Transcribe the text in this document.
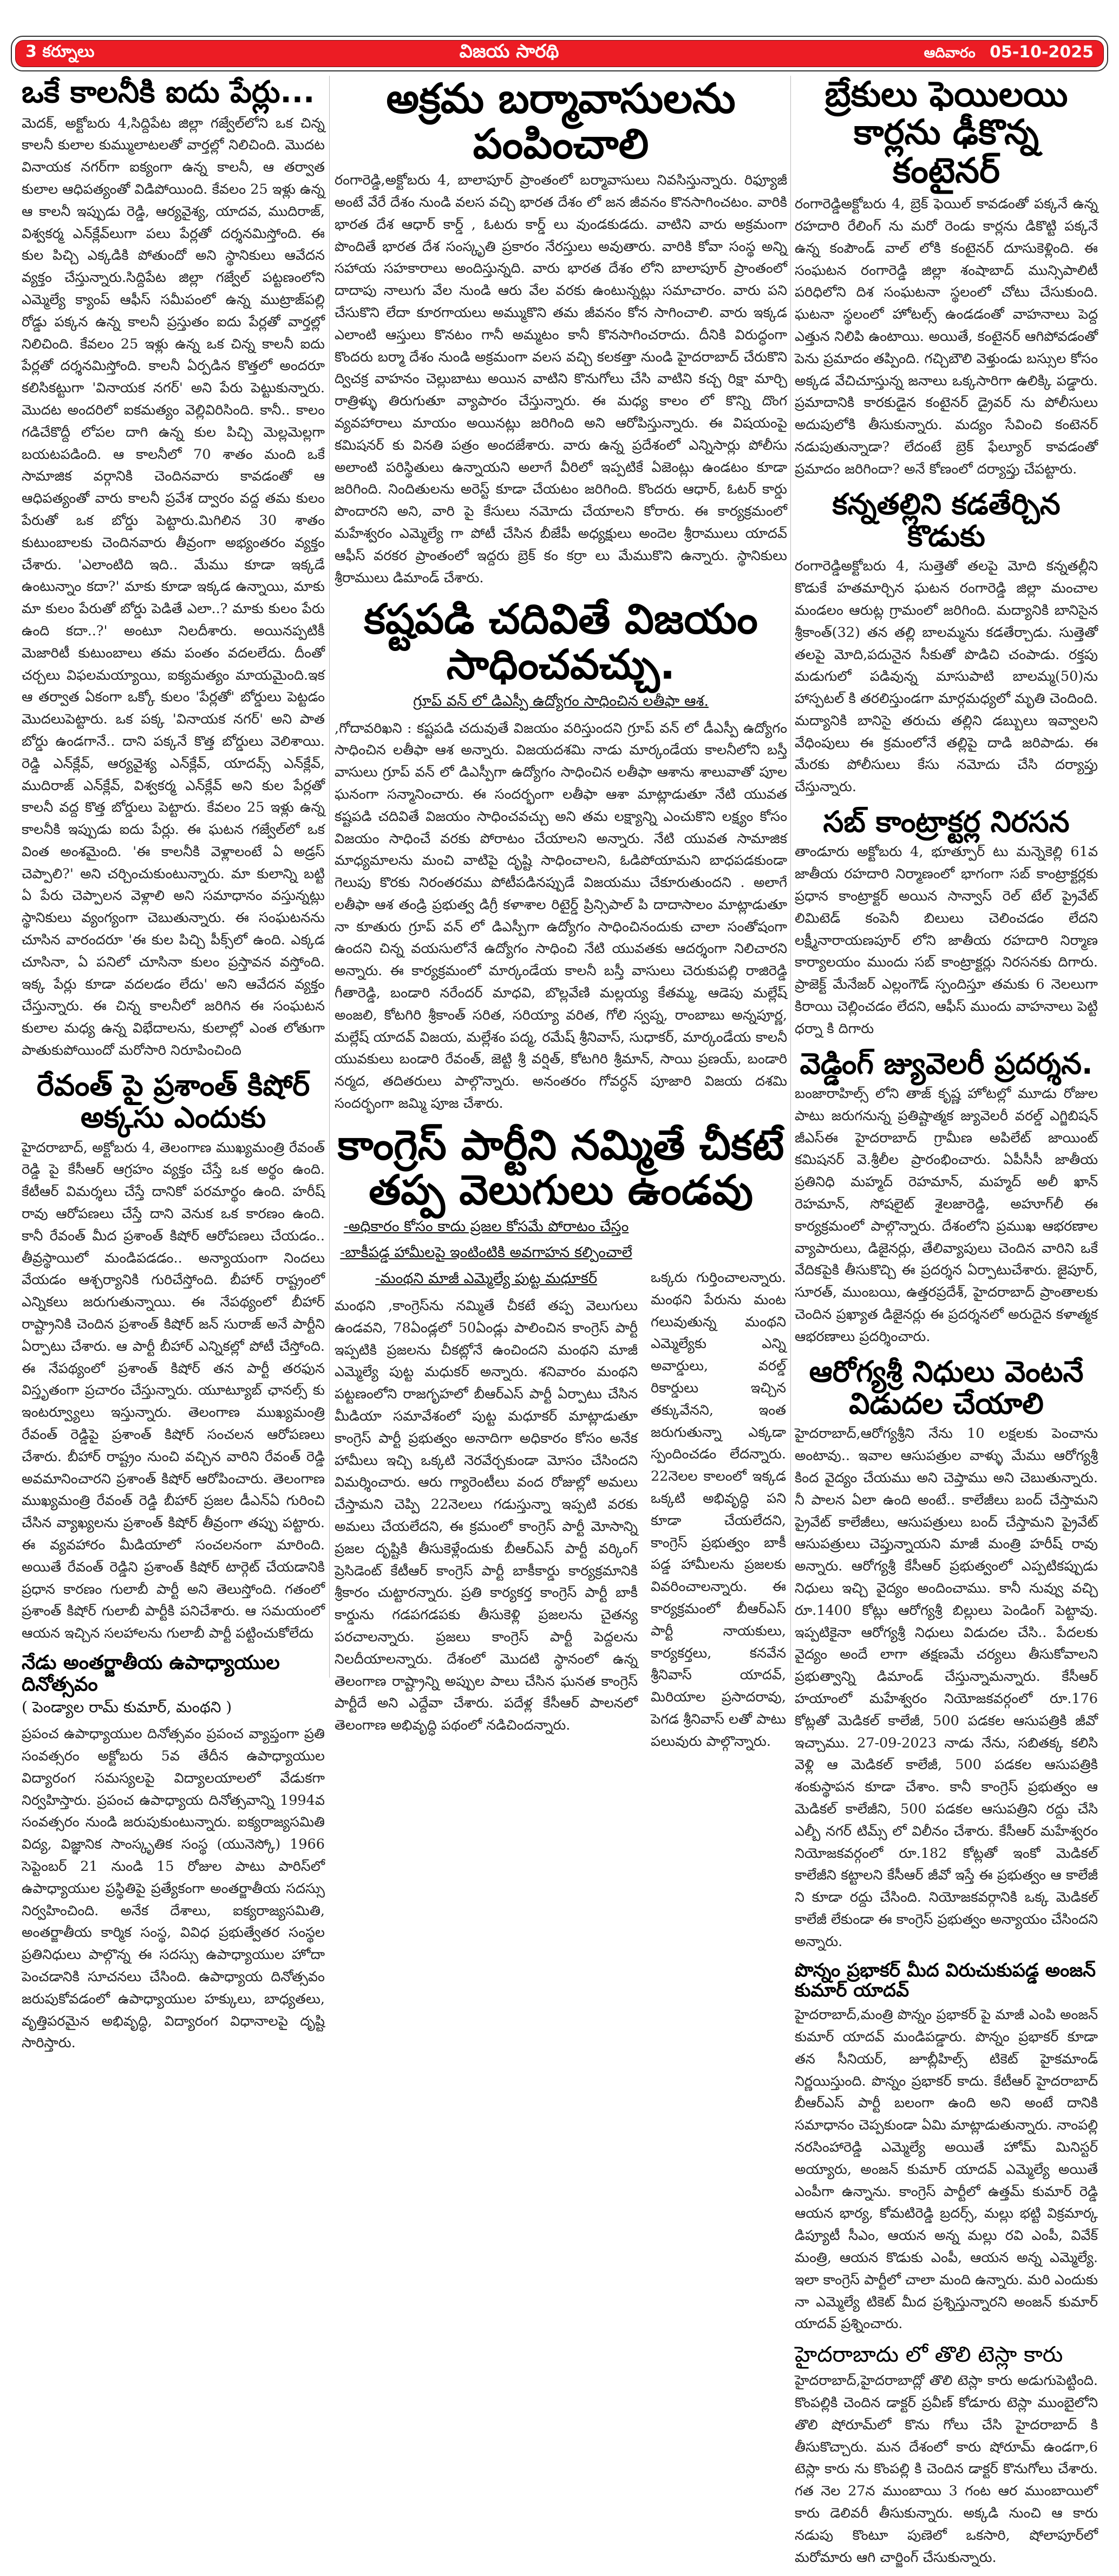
3 కర్నూలు	విజయ సారథి	ఆదివారం 05-10-2025
ఒకే కాలనీకి ఐదు పేర్లు...

మెదక్, అక్టోబరు 4,సిద్దిపేట జిల్లా గజ్వేల్‌లోని ఒక చిన్న కాలనీ కులాల కుమ్ములాటలతో వార్తల్లో నిలిచింది. మొదట వినాయక నగర్‌గా ఐక్యంగా ఉన్న కాలనీ, ఆ తర్వాత కులాల ఆధిపత్యంతో విడిపోయింది. కేవలం 25 ఇళ్లు ఉన్న ఆ కాలనీ ఇప్పుడు రెడ్డి, ఆర్యవైశ్య, యాదవ, ముదిరాజ్, విశ్వకర్మ ఎన్‌క్లేవ్‌లుగా పలు పేర్లతో దర్శనమిస్తోంది. ఈ కుల పిచ్చి ఎక్కడికి పోతుందో అని స్థానికులు ఆవేదన వ్యక్తం చేస్తున్నారు.సిద్దిపేట జిల్లా గజ్వేల్ పట్టణంలోని ఎమ్మెల్యే క్యాంప్ ఆఫీస్ సమీపంలో ఉన్న ముట్రాజ్‌పల్లి రోడ్డు పక్కన ఉన్న కాలనీ ప్రస్తుతం ఐదు పేర్లతో వార్తల్లో నిలిచింది. కేవలం 25 ఇళ్లు ఉన్న ఒక చిన్న కాలనీ ఐదు పేర్లతో దర్శనమిస్తోంది. కాలనీ ఏర్పడిన కొత్తలో అందరూ కలిసికట్టుగా 'వినాయక నగర్' అని పేరు పెట్టుకున్నారు. మొదట అందరిలో ఐకమత్యం వెల్లివిరిసింది. కానీ.. కాలం గడిచేకొద్దీ లోపల దాగి ఉన్న కుల పిచ్చి మెల్లమెల్లగా బయటపడింది. ఆ కాలనీలో 70 శాతం మంది ఒకే సామాజిక వర్గానికి చెందినవారు కావడంతో ఆ ఆధిపత్యంతో వారు కాలనీ ప్రవేశ ద్వారం వద్ద తమ కులం పేరుతో ఒక బోర్డు పెట్టారు.మిగిలిన 30 శాతం కుటుంబాలకు చెందినవారు తీవ్రంగా అభ్యంతరం వ్యక్తం చేశారు. 'ఎలాంటిది ఇది.. మేము కూడా ఇక్కడే ఉంటున్నాం కదా?' మాకు కూడా ఇక్కడ ఉన్నాయి, మాకు మా కులం పేరుతో బోర్డు పెడితే ఎలా..? మాకు కులం పేరు ఉంది కదా..?' అంటూ నిలదీశారు. అయినప్పటికీ మెజారిటీ కుటుంబాలు తమ పంతం వదలలేదు. దీంతో చర్చలు విఫలమయ్యాయి, ఐక్యమత్యం మాయమైంది.ఇక ఆ తర్వాత ఏకంగా ఒక్కో కులం 'పేర్లతో' బోర్డులు పెట్టడం మొదలుపెట్టారు. ఒక పక్క 'వినాయక నగర్' అని పాత బోర్డు ఉండగానే.. దాని పక్కనే కొత్త బోర్డులు వెలిశాయి. రెడ్డి ఎన్‌క్లేవ్, ఆర్యవైశ్య ఎన్‌క్లేవ్, యాదవ్స్ ఎన్‌క్లేవ్, ముదిరాజ్ ఎన్‌క్లేవ్, విశ్వకర్మ ఎన్‌క్లేవ్ అని కుల పేర్లతో కాలనీ వద్ద కొత్త బోర్డులు పెట్టారు. కేవలం 25 ఇళ్లు ఉన్న కాలనీకి ఇప్పుడు ఐదు పేర్లు. ఈ ఘటన గజ్వేల్‌లో ఒక వింత అంశమైంది. 'ఈ కాలనీకి వెళ్లాలంటే ఏ అడ్రస్ చెప్పాలి?' అని చర్చించుకుంటున్నారు. మా కులాన్ని బట్టి ఏ పేరు చెప్పాలన వెళ్లాలి అని సమాధానం వస్తున్నట్లు స్థానికులు వ్యంగ్యంగా చెబుతున్నారు. ఈ సంఘటనను చూసిన వారందరూ 'ఈ కుల పిచ్చి పీక్స్‌లో ఉంది. ఎక్కడ చూసినా, ఏ పనిలో చూసినా కులం ప్రస్తావన వస్తోంది. ఇక్క పేర్లు కూడా వదలడం లేదు' అని ఆవేదన వ్యక్తం చేస్తున్నారు. ఈ చిన్న కాలనీలో జరిగిన ఈ సంఘటన కులాల మధ్య ఉన్న విభేదాలను, కులాల్లో ఎంత లోతుగా పాతుకుపోయిందో మరోసారి నిరూపించింది

రేవంత్ పై ప్రశాంత్ కిషోర్ అక్కసు ఎందుకు

హైదరాబాద్, అక్టోబరు 4, తెలంగాణ ముఖ్యమంత్రి రేవంత్ రెడ్డి పై కేసీఆర్ ఆగ్రహం వ్యక్తం చేస్తే ఒక అర్థం ఉంది. కేటీఆర్ విమర్శలు చేస్తే దానికో పరమార్థం ఉంది. హరీష్ రావు ఆరోపణలు చేస్తే దాని వెనుక ఒక కారణం ఉంది. కానీ రేవంత్ మీద ప్రశాంత్ కిషోర్ ఆరోపణలు చేయడం.. తీవ్రస్థాయిలో మండిపడడం.. అన్యాయంగా నిందలు వేయడం ఆశ్చర్యానికి గురిచేస్తోంది. బీహార్ రాష్ట్రంలో ఎన్నికలు జరుగుతున్నాయి. ఈ నేపథ్యంలో బీహార్ రాష్ట్రానికి చెందిన ప్రశాంత్ కిషోర్ జన్ సురాజ్ అనే పార్టీని ఏర్పాటు చేశారు. ఆ పార్టీ బీహార్ ఎన్నికల్లో పోటీ చేస్తోంది. ఈ నేపథ్యంలో ప్రశాంత్ కిషోర్ తన పార్టీ తరఫున విస్తృతంగా ప్రచారం చేస్తున్నారు. యూట్యూబ్ ఛానల్స్ కు ఇంటర్వ్యూలు ఇస్తున్నారు. తెలంగాణ ముఖ్యమంత్రి రేవంత్ రెడ్డిపై ప్రశాంత్ కిషోర్ సంచలన ఆరోపణలు చేశారు. బీహార్ రాష్ట్రం నుంచి వచ్చిన వారిని రేవంత్ రెడ్డి అవమానించారని ప్రశాంత్ కిషోర్ ఆరోపించారు. తెలంగాణ ముఖ్యమంత్రి రేవంత్ రెడ్డి బీహార్ ప్రజల డీఎన్ఏ గురించి చేసిన వ్యాఖ్యలను ప్రశాంత్ కిషోర్ తీవ్రంగా తప్పు పట్టారు. ఈ వ్యవహారం మీడియాలో సంచలనంగా మారింది. అయితే రేవంత్ రెడ్డిని ప్రశాంత్ కిషోర్ టార్గెట్ చేయడానికి ప్రధాన కారణం గులాబీ పార్టీ అని తెలుస్తోంది. గతంలో ప్రశాంత్ కిషోర్ గులాబీ పార్టీకి పనిచేశారు. ఆ సమయంలో ఆయన ఇచ్చిన సలహాలను గులాబీ పార్టీ పట్టించుకోలేదు

నేడు అంతర్జాతీయ ఉపాధ్యాయుల దినోత్సవం
( పెండ్యాల రామ్ కుమార్, మంథని )

ప్రపంచ ఉపాధ్యాయుల దినోత్సవం ప్రపంచ వ్యాప్తంగా ప్రతి సంవత్సరం అక్టోబరు 5వ తేదీన ఉపాధ్యాయుల విద్యారంగ సమస్యలపై విద్యాలయాలలో వేడుకగా నిర్వహిస్తారు. ప్రపంచ ఉపాధ్యాయ దినోత్సవాన్ని 1994వ సంవత్సరం నుండి జరుపుకుంటున్నారు. ఐక్యరాజ్యసమితి విద్య, విజ్ఞానిక సాంస్కృతిక సంస్థ (యునెస్కో) 1966 సెప్టెంబర్ 21 నుండి 15 రోజుల పాటు పారిస్‌లో ఉపాధ్యాయుల ప్రస్థితిపై ప్రత్యేకంగా అంతర్జాతీయ సదస్సు నిర్వహించింది. అనేక దేశాలు, ఐక్యరాజ్యసమితి, అంతర్జాతీయ కార్మిక సంస్థ, వివిధ ప్రభుత్వేతర సంస్థల ప్రతినిధులు పాల్గొన్న ఈ సదస్సు ఉపాధ్యాయుల హోదా పెంచడానికి సూచనలు చేసింది. ఉపాధ్యాయ దినోత్సవం జరుపుకోవడంలో ఉపాధ్యాయుల హక్కులు, బాధ్యతలు, వృత్తిపరమైన అభివృద్ధి, విద్యారంగ విధానాలపై దృష్టి సారిస్తారు.

అక్రమ బర్మావాసులను పంపించాలి

రంగారెడ్డి,అక్టోబరు 4, బాలాపూర్ ప్రాంతంలో బర్మావాసులు నివసిస్తున్నారు. రిఫ్యూజీ అంటే వేరే దేశం నుండి వలస వచ్చి భారత దేశం లో జన జీవనం కొనసాగించటం. వారికి భారత దేశ ఆధార్ కార్డ్ , ఓటరు కార్డ్ లు వుండకుడదు. వాటిని వారు అక్రమంగా పొందితే భారత దేశ సంస్కృతి ప్రకారం నేరస్తులు అవుతారు. వారికి కోవా సంస్థ అన్ని సహాయ సహకారాలు అందిస్తున్నది. వారు భారత దేశం లోని బాలాపూర్ ప్రాంతంలో దాదాపు నాలుగు వేల నుండి ఆరు వేల వరకు ఉంటున్నట్లు సమాచారం. వారు పని చేసుకొని లేదా కూరగాయలు అమ్ముకొని తమ జీవనం కోన సాగించాలి. వారు ఇక్కడ ఎలాంటి ఆస్తులు కొనటం గానీ అమ్మటం కానీ కొనసాగించరాదు. దీనికి విరుద్ధంగా కొందరు బర్మా దేశం నుండి అక్రమంగా వలస వచ్చి కలకత్తా నుండి హైదరాబాద్ చేరుకొని ద్విచక్ర వాహనం చెల్లుబాటు అయిన వాటిని కొనుగోలు చేసి వాటిని కచ్చ రిక్షా మార్చి రాత్రిళ్ళు తిరుగుతూ వ్యాపారం చేస్తున్నారు. ఈ మధ్య కాలం లో కొన్ని దొంగ వ్యవహారాలు మాయం అయినట్లు జరిగింది అని ఆరోపిస్తున్నారు. ఈ విషయంపై కమిషనర్ కు వినతి పత్రం అందజేశారు. వారు ఉన్న ప్రదేశంలో ఎన్నిసార్లు పోలీసు అలాంటి పరిస్థితులు ఉన్నాయని అలాగే వీరిలో ఇప్పటికే ఏజెంట్లు ఉండటం కూడా జరిగింది. నిందితులను అరెస్ట్ కూడా చేయటం జరిగింది. కొందరు ఆధార్, ఓటర్ కార్డు పొందారని అని, వారి పై కేసులు నమోదు చేయాలని కోరారు. ఈ కార్యక్రమంలో మహేశ్వరం ఎమ్మెల్యే గా పోటీ చేసిన బీజేపీ అధ్యక్షులు అందెల శ్రీరాములు యాదవ్ ఆఫీస్ వరకర ప్రాంతంలో ఇద్దరు బ్రెక్ కం కర్రా లు మేముకొని ఉన్నారు. స్థానికులు శ్రీరాములు డిమాండ్ చేశారు.

కష్టపడి చదివితే విజయం సాధించవచ్చు.
గ్రూప్ వన్ లో డిఎస్పీ ఉద్యోగం సాధించిన లతీఫా ఆశ.

,గోదావరిఖని : కష్టపడి చదువుతే విజయం వరిస్తుందని గ్రూప్ వన్ లో డీఎస్పీ ఉద్యోగం సాధించిన లతీఫా ఆశ అన్నారు. విజయదశమి నాడు మార్కండేయ కాలనీలోని బస్తీ వాసులు గ్రూప్ వన్ లో డిఎస్పీగా ఉద్యోగం సాధించిన లతీఫా ఆశాను శాలువాతో పూల ఘనంగా సన్మానించారు. ఈ సందర్భంగా లతీఫా ఆశా మాట్లాడుతూ నేటి యువత కష్టపడి చదివితే విజయం సాధించవచ్చు అని తమ లక్ష్యాన్ని ఎంచుకొని లక్ష్యం కోసం విజయం సాధించే వరకు పోరాటం చేయాలని అన్నారు. నేటి యువత సామాజిక మాధ్యమాలను మంచి వాటిపై దృష్టి సాధించాలని, ఓడిపోయామని బాధపడకుండా గెలుపు కొరకు నిరంతరము పోటీపడినప్పుడే విజయము చేకూరుతుందని . అలాగే లతీఫా ఆశ తండ్రి ప్రభుత్వ డిగ్రీ కళాశాల రిటైర్డ్ ప్రిన్సిపాల్ పి దాదాసాలం మాట్లాడుతూ నా కూతురు గ్రూప్ వన్ లో డిఎస్పీగా ఉద్యోగం సాధించినందుకు చాలా సంతోషంగా ఉందని చిన్న వయసులోనే ఉద్యోగం సాధించి నేటి యువతకు ఆదర్శంగా నిలిచారని అన్నారు. ఈ కార్యక్రమంలో మార్కండేయ కాలనీ బస్తీ వాసులు చెరుకుపల్లి రాజిరెడ్డి గీతారెడ్డి, బండారి నరేందర్ మాధవి, బొల్లవేణి మల్లయ్య కేతమ్మ, ఆడెపు మల్లేష్ అంజలి, కోటగిరి శ్రీకాంత్ సరిత, సరియ్యా వరిత, గోలి స్వప్న, రాంబాబు అన్నపూర్ణ, మల్లేష్ యాదవ్ విజయ, మల్లేశం పద్మ, రమేష్ శ్రీనివాస్, సుధాకర్, మార్కండేయ కాలనీ యువకులు బండారి రేవంత్, జెట్టి శ్రీ వర్షిత్, కోటగిరి శ్రీమాన్, సాయి ప్రణయ్, బండారి నర్మద, తదితరులు పాల్గొన్నారు. అనంతరం గోవర్ధన్ పూజారి విజయ దశమి సందర్భంగా జమ్మి పూజ చేశారు.

కాంగ్రెస్ పార్టీని నమ్మితే చీకటే
తప్ప వెలుగులు ఉండవు
-అధికారం కోసం కాదు ప్రజల కోసమే పోరాటం చేస్తం
-బాకీపడ్డ హామీలపై ఇంటింటికి అవగాహన కల్పించాలే
-మంథని మాజీ ఎమ్మెల్యే పుట్ట మధూకర్

మంథని ,కాంగ్రెస్‌ను నమ్మితే చీకటే తప్ప వెలుగులు ఉండవని, 78ఏండ్లలో 50ఏండ్లు పాలించిన కాంగ్రెస్ పార్టీ ఇప్పటికి ప్రజలను చీకట్లోనే ఉంచిందని మంథని మాజీ ఎమ్మెల్యే పుట్ట మధుకర్ అన్నారు. శనివారం మంథని పట్టణంలోని రాజగృహలో బీఆర్ఎస్ పార్టీ ఏర్పాటు చేసిన మీడియా సమావేశంలో పుట్ట మధూకర్ మాట్లాడుతూ కాంగ్రెస్ పార్టీ ప్రభుత్వం అనాదిగా అధికారం కోసం అనేక హామీలు ఇచ్చి ఒక్కటి నెరవేర్చకుండా మోసం చేసిందని విమర్శించారు. ఆరు గ్యారెంటీలు వంద రోజుల్లో అమలు చేస్తామని చెప్పి 22నెలలు గడుస్తున్నా ఇప్పటి వరకు అమలు చేయలేదని, ఈ క్రమంలో కాంగ్రెస్ పార్టీ మోసాన్ని ప్రజల దృష్టికి తీసుకెళ్లేందుకు బీఆర్ఎస్ పార్టీ వర్కింగ్ ప్రెసిడెంట్ కేటీఆర్ కాంగ్రెస్ పార్టీ బాకీకార్డు కార్యక్రమానికి శ్రీకారం చుట్టారన్నారు. ప్రతి కార్యకర్త కాంగ్రెస్ పార్టీ బాకీ కార్డును గడపగడపకు తీసుకెళ్లి ప్రజలను చైతన్య పరచాలన్నారు. ప్రజలు కాంగ్రెస్ పార్టీ పెద్దలను నిలదీయాలన్నారు. దేశంలో మొదటి స్థానంలో ఉన్న తెలంగాణ రాష్ట్రాన్ని అప్పుల పాలు చేసిన ఘనత కాంగ్రెస్ పార్టీదే అని ఎద్దేవా చేశారు. పదేళ్ల కేసీఆర్ పాలనలో తెలంగాణ అభివృద్ధి పథంలో నడిచిందన్నారు.

ఒక్కరు గుర్తించాలన్నారు. మంథని పేరును మంట గలువుతున్న మంథని ఎమ్మెల్యేకు ఎన్ని అవార్డులు, వరల్డ్ రికార్డులు ఇచ్చిన తక్కువేనని, ఇంత జరుగుతున్నా ఎక్కడా స్పందించడం లేదన్నారు. 22నెలల కాలంలో ఇక్కడ ఒక్కటి అభివృద్ధి పని కూడా చేయలేదని, కాంగ్రెస్ ప్రభుత్వం బాకీ పడ్డ హామీలను ప్రజలకు వివరించాలన్నారు. ఈ కార్యక్రమంలో బీఆర్ఎస్ పార్టీ నాయకులు, కార్యకర్తలు, కనవేన శ్రీనివాస్ యాదవ్, మిరియాల ప్రసాదరావు, పెగడ శ్రీనివాస్ లతో పాటు పలువురు పాల్గొన్నారు.

బ్రేకులు ఫెయిలయి
కార్లను ఢీకొన్న కంటైనర్

రంగారెడ్డిఅక్టోబరు 4, బ్రెక్ ఫెయిల్ కావడంతో పక్కనే ఉన్న రహదారి రేలింగ్ ను మరో రెండు కార్లను డికొట్టి పక్కనే ఉన్న కంపౌండ్ వాల్ లోకి కంటైనర్ దూసుకెళ్లింది. ఈ సంఘటన రంగారెడ్డి జిల్లా శంషాబాద్ మున్సిపాలిటీ పరిధిలోని దిశ సంఘటనా స్థలంలో చోటు చేసుకుంది. ఘటనా స్థలంలో హోటల్స్ ఉండడంతో వాహనాలు పెద్ద ఎత్తున నిలిపి ఉంటాయి. అయితే, కంటైనర్ ఆగిపోవడంతో పెను ప్రమాదం తప్పింది. గచ్చిబౌలి వెళ్తుండు బస్సుల కోసం అక్కడ వేచిచూస్తున్న జనాలు ఒక్కసారిగా ఉలిక్కి పడ్డారు. ప్రమాదానికి కారకుడైన కంటైనర్ డ్రైవర్ ను పోలీసులు అదుపులోకి తీసుకున్నారు. మద్యం సేవించి కంటెనర్ నడుపుతున్నాడా? లేదంటే బ్రెక్ ఫేల్యూర్ కావడంతో ప్రమాదం జరిగిందా? అనే కోణంలో దర్యాప్తు చేపట్టారు.

కన్నతల్లిని కడతేర్చిన కొడుకు

రంగారెడ్డిఅక్టోబరు 4, సుత్తెతో తలపై మోది కన్నతల్లీని కొడుకే హతమార్చిన ఘటన రంగారెడ్డి జిల్లా మంచాల మండలం ఆరుట్ల గ్రామంలో జరిగింది. మద్యానికి బానిసైన శ్రీకాంత్(32) తన తల్లి బాలమ్మను కడతేర్చాడు. సుత్తెతో తలపై మోది,పదునైన సీకుతో పొడిచి చంపాడు. రక్తపు మడుగులో పడివున్న మాసుపాటి బాలమ్మ(50)ను హాస్పటల్ కి తరలిస్తుండగా మార్గమధ్యలో మృతి చెందింది. మద్యానికి బానిసై తరుచు తల్లిని డబ్బులు ఇవ్వాలని వేధింపులు ఈ క్రమంలోనే తల్లిపై దాడి జరిపాడు. ఈ మేరకు పోలీసులు కేసు నమోదు చేసి దర్యాప్తు చేస్తున్నారు.

సబ్ కాంట్రాక్టర్ల నిరసన

తాండూరు అక్టోబరు 4, భూత్పూర్ టు మన్నెకెల్లి 61వ జాతీయ రహదారి నిర్మాణంలో భాగంగా సబ్ కాంట్రాక్టర్లకు ప్రధాన కాంట్రాక్టర్ అయిన సాన్వాస్ రెల్ టేల్ ప్రైవేట్ లిమిటెడ్ కంపెనీ బిలులు చెలించడం లేదని లక్ష్మీనారాయణపూర్ లోని జాతీయ రహదారి నిర్మాణ కార్యాలయం ముందు సబ్ కాంట్రాక్టర్లు నిరసనకు దిగారు. ప్రాజెక్ట్ మేనేజర్ ఎల్లంగౌడ్ స్పందిస్తూ తమకు 6 నెలలుగా కిరాయి చెల్లించడం లేదని, ఆఫీస్ ముందు వాహనాలు పెట్టి ధర్నా కి దిగారు

వెడ్డింగ్ జ్యువెలరీ ప్రదర్శన.

బంజారాహిల్స్ లోని తాజ్ కృష్ణ హోటల్లో మూడు రోజుల పాటు జరుగనున్న ప్రతిష్టాత్మక జ్యువెలరీ వరల్డ్ ఎగ్జిబిషన్ జీఎస్ఈ హైదరాబాద్ గ్రామీణ అపిలేట్ జాయింట్ కమిషనర్ వె.శ్రీలీల ప్రారంభించారు. ఏపీసీసీ జాతీయ ప్రతినిధి మహ్మద్ రెహమాన్, మహ్మద్ అలీ ఖాన్ రెహమాన్, సోషలైట్ శైలజారెడ్డి, అహూగ్‌లీ ఈ కార్యక్రమంలో పాల్గొన్నారు. దేశంలోని ప్రముఖ ఆభరణాల వ్యాపారులు, డిజైనర్లు, తేలివ్యాపులు చెందిన వారిని ఒకే వేదికపైకి తీసుకొచ్చి ఈ ప్రదర్శన ఏర్పాటుచేశారు. జైపూర్, సూరత్, ముంబయి, ఉత్తరప్రదేశ్, హైదరాబాద్ ప్రాంతాలకు చెందిన ప్రఖ్యాత డిజైనర్లు ఈ ప్రదర్శనలో అరుదైన కళాత్మక ఆభరణాలు ప్రదర్శించారు.

ఆరోగ్యశ్రీ నిధులు వెంటనే
విడుదల చేయాలి

హైదరాబాద్,ఆరోగ్యశ్రీని నేను 10 లక్షలకు పెంచాను అంటావు.. ఇవాల ఆసుపత్రుల వాళ్ళు మేము ఆరోగ్యశ్రీ కింద వైద్యం చేయము అని చెప్తాము అని చెబుతున్నారు. నీ పాలన ఏలా ఉంది అంటే.. కాలేజీలు బంద్ చేస్తామని ప్రైవేట్ కాలేజీలు, ఆసుపత్రులు బంద్ చేస్తామని ప్రైవేట్ ఆసుపత్రులు చెప్తున్నాయని మాజీ మంత్రి హరీష్ రావు అన్నారు. ఆరోగ్యశ్రీ కేసీఆర్ ప్రభుత్వంలో ఎప్పటికప్పుడు నిధులు ఇచ్చి వైద్యం అందించాము. కానీ నువ్వు వచ్చి రూ.1400 కోట్లు ఆరోగ్యశ్రీ బిల్లులు పెండింగ్ పెట్టావు. ఇప్పటికైనా ఆరోగ్యశ్రీ నిధులు విడుదల చేసి.. పేదలకు వైద్యం అందే లాగా తక్షణమే చర్యలు తీసుకోవాలని ప్రభుత్వాన్ని డిమాండ్ చేస్తున్నామన్నారు. కేసీఆర్ హయాంలో మహేశ్వరం నియోజకవర్గంలో రూ.176 కోట్లతో మెడికల్ కాలేజీ, 500 పడకల ఆసుపత్రికి జీవో ఇచ్చాము. 27-09-2023 నాడు నేను, సబితక్క కలిసి వెళ్లి ఆ మెడికల్ కాలేజీ, 500 పడకల ఆసుపత్రికి శంకుస్థాపన కూడా చేశాం. కానీ కాంగ్రెస్ ప్రభుత్వం ఆ మెడికల్ కాలేజీని, 500 పడకల ఆసుపత్రిని రద్దు చేసి ఎల్బీ నగర్ టిమ్స్ లో విలీనం చేశారు. కేసీఆర్ మహేశ్వరం నియోజకవర్గంలో రూ.182 కోట్లతో ఇంకో మెడికల్ కాలేజీని కట్టాలని కేసీఆర్ జీవో ఇస్తే ఈ ప్రభుత్వం ఆ కాలేజీ ని కూడా రద్దు చేసింది. నియోజకవర్గానికి ఒక్క మెడికల్ కాలేజీ లేకుండా ఈ కాంగ్రెస్ ప్రభుత్వం అన్యాయం చేసిందని అన్నారు.

పొన్నం ప్రభాకర్ మీద విరుచుకుపడ్డ అంజన్ కుమార్ యాదవ్

హైదరాబాద్,మంత్రి పొన్నం ప్రభాకర్ పై మాజీ ఎంపి అంజన్ కుమార్ యాదవ్ మండిపడ్డారు. పొన్నం ప్రభాకర్ కూడా తన సీనియర్, జూబ్లీహిల్స్ టికెట్ హైకమాండ్ నిర్ణయిస్తుంది. పొన్నం ప్రభాకర్ కాదు. కేటీఆర్ హైదరాబాద్ బీఆర్ఎస్ పార్టీ బలంగా ఉంది అని అంటే దానికి సమాధానం చెప్పకుండా ఏమి మాట్లాడుతున్నారు. నాంపల్లి నరసింహారెడ్డి ఎమ్మెల్యే అయితే హోమ్ మినిస్టర్ అయ్యారు, అంజన్ కుమార్ యాదవ్ ఎమ్మెల్యే అయితే ఎంపీగా ఉన్నాను. కాంగ్రెస్ పార్టీలో ఉత్తమ్ కుమార్ రెడ్డి ఆయన భార్య, కోమటిరెడ్డి బ్రదర్స్, మల్లు భట్టి విక్రమార్క డిప్యూటీ సీఎం, ఆయన అన్న మల్లు రవి ఎంపీ, వివేక్ మంత్రి, ఆయన కొడుకు ఎంపీ, ఆయన అన్న ఎమ్మెల్యే. ఇలా కాంగ్రెస్ పార్టీలో చాలా మంది ఉన్నారు. మరి ఎందుకు నా ఎమ్మెల్యే టికెట్ మీద ప్రశ్నిస్తున్నారని అంజన్ కుమార్ యాదవ్ ప్రశ్నించారు.

హైదరాబాదు లో తొలి టెస్లా కారు

హైదరాబాద్,హైదరాబాద్లో తొలి టెస్లా కారు అడుగుపెట్టింది. కొంపల్లికి చెందిన డాక్టర్ ప్రవీణ్ కోడూరు టెస్లా ముంబైలోని తొలి షోరూమ్‌లో కొను గోలు చేసి హైదరాబాద్ కి తీసుకొచ్చారు. మన దేశంలో కారు షోరూమ్ ఉండగా,6 టెస్లా కారు ను కొంపల్లి కి చెందిన డాక్టర్ కొనుగోలు చేశారు. గత నెల 27న ముంబాయి 3 గంట ఆర ముంబాయిలో కారు డెలివరీ తీసుకున్నారు. అక్కడి నుంచి ఆ కారు నడుపు కొంటూ పుణెలో ఒకసారి, షోలాపూర్‌లో మరోమారు ఆగి చార్జింగ్ చేసుకున్నారు.
